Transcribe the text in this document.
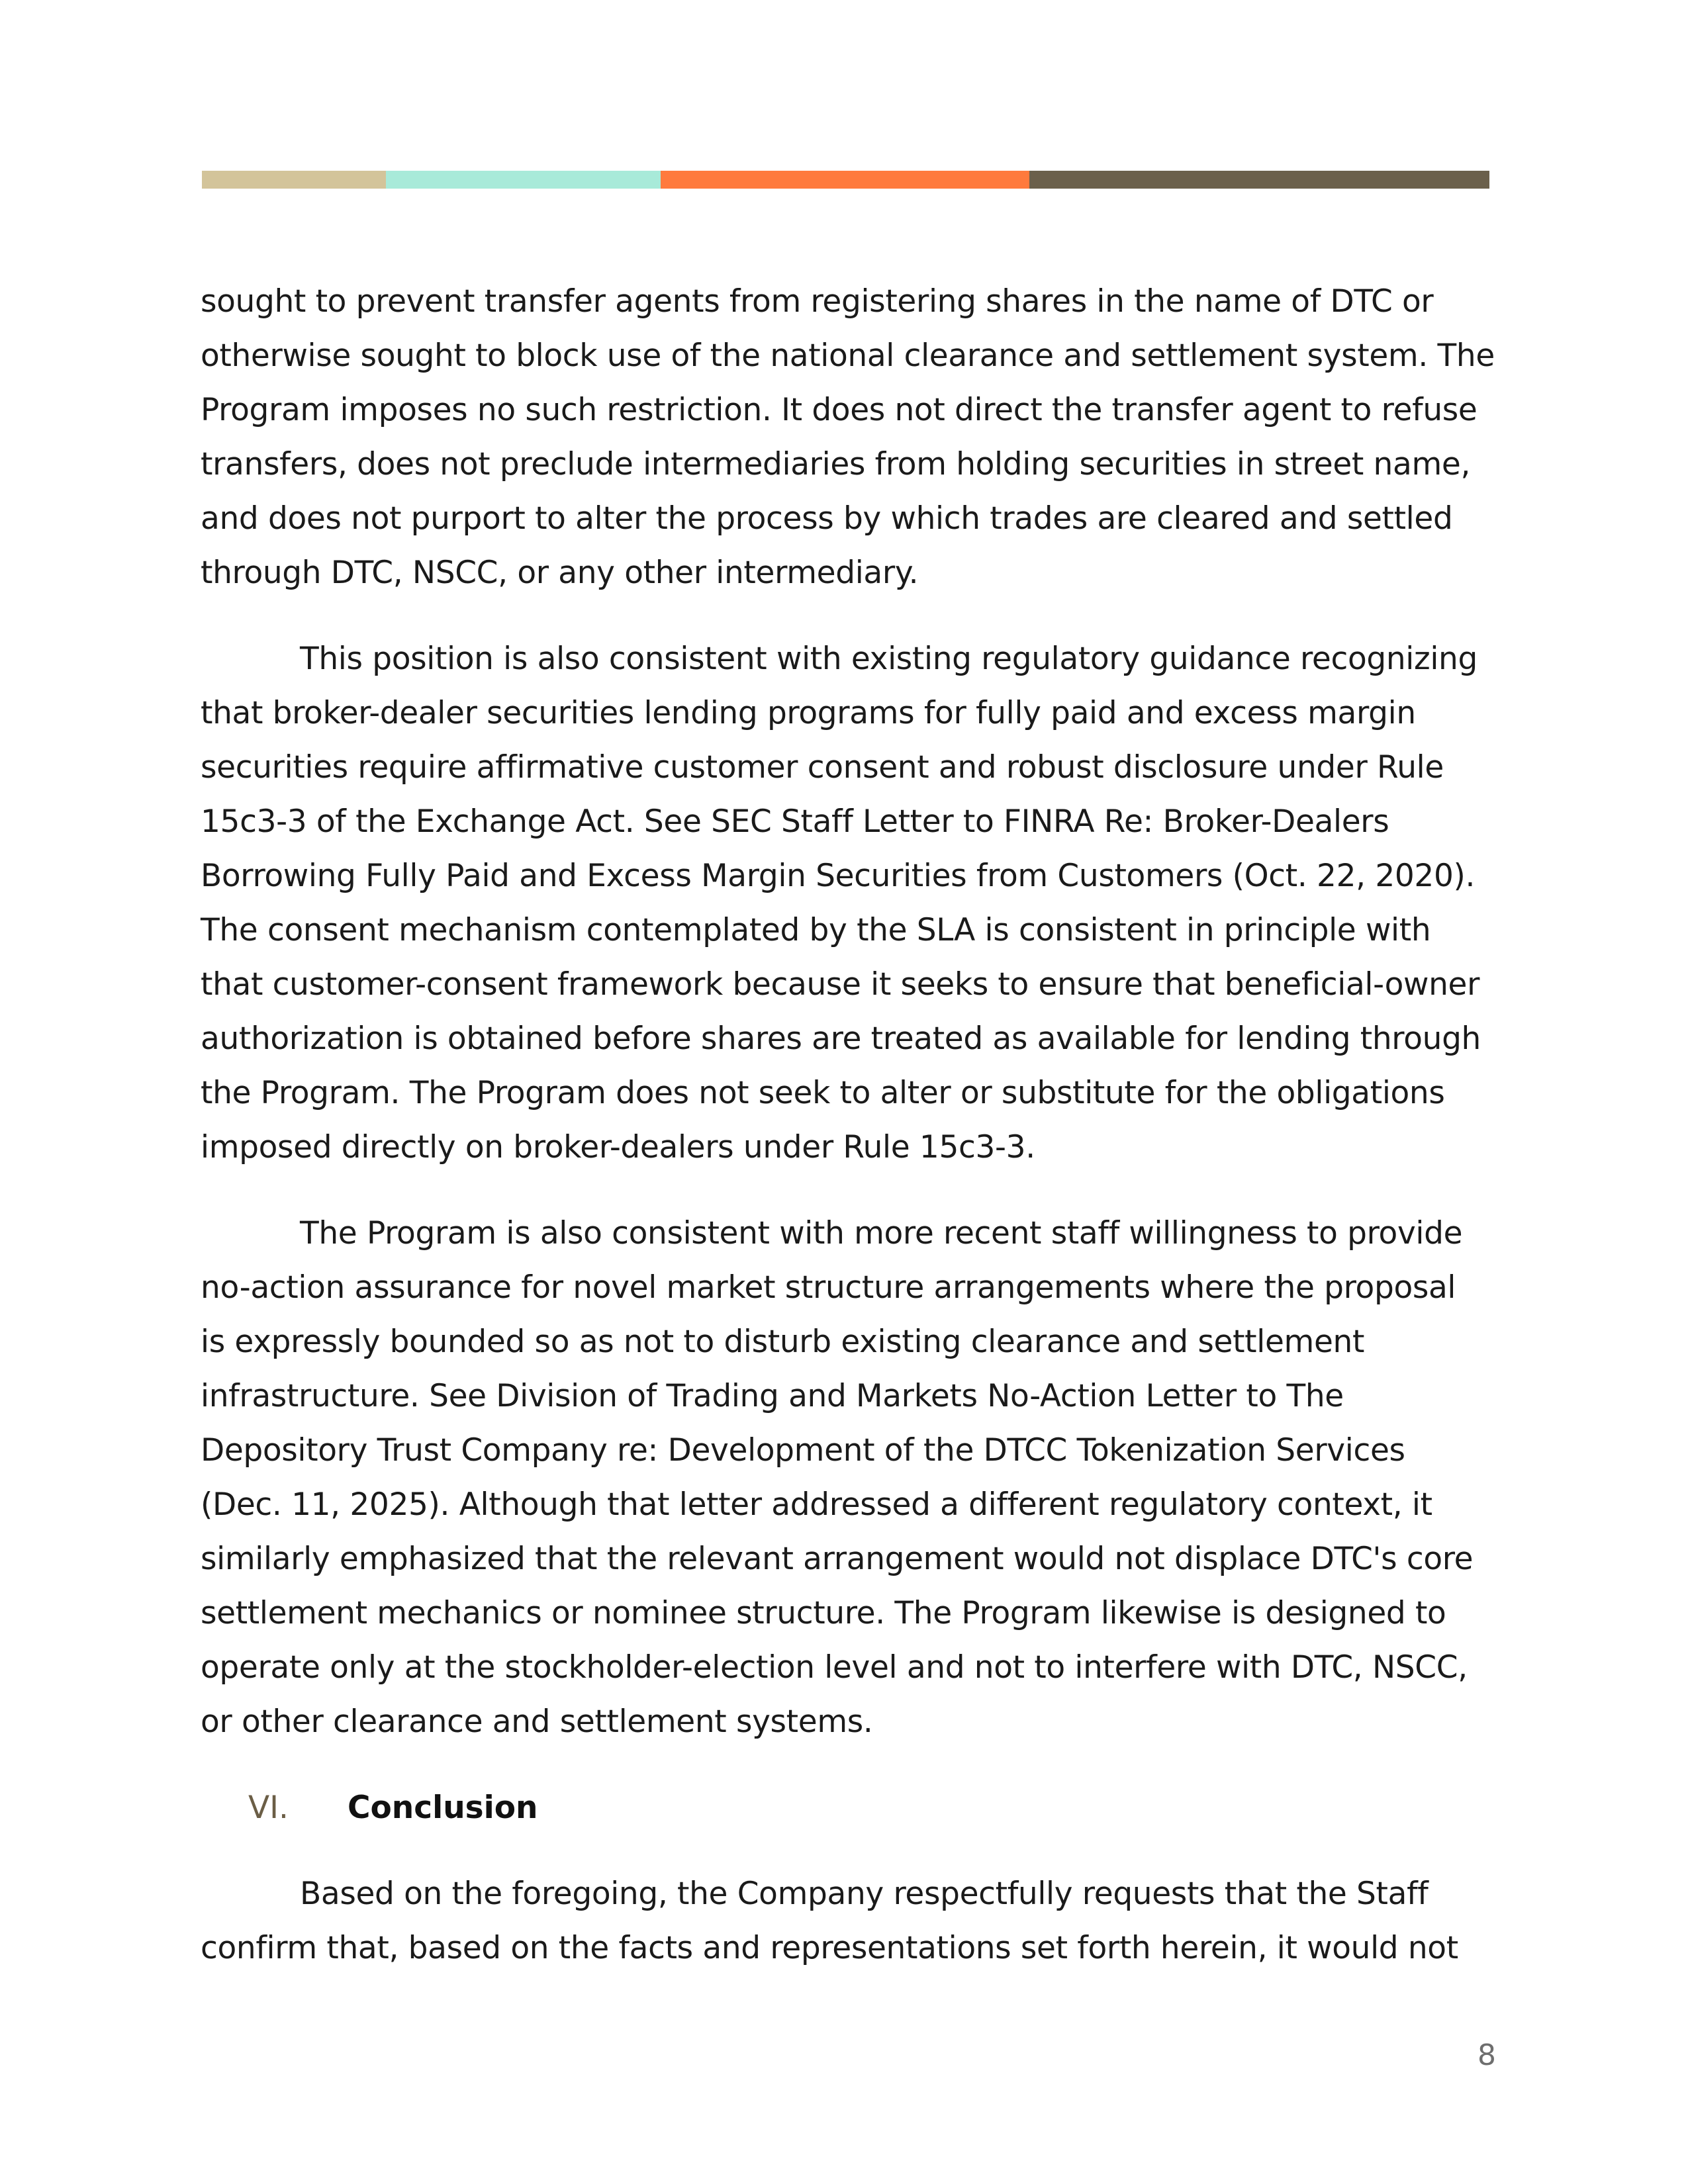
sought to prevent transfer agents from registering shares in the name of DTC or
otherwise sought to block use of the national clearance and settlement system. The
Program imposes no such restriction. It does not direct the transfer agent to refuse
transfers, does not preclude intermediaries from holding securities in street name,
and does not purport to alter the process by which trades are cleared and settled
through DTC, NSCC, or any other intermediary.

This position is also consistent with existing regulatory guidance recognizing
that broker-dealer securities lending programs for fully paid and excess margin
securities require affirmative customer consent and robust disclosure under Rule
15c3-3 of the Exchange Act. See SEC Staff Letter to FINRA Re: Broker-Dealers
Borrowing Fully Paid and Excess Margin Securities from Customers (Oct. 22, 2020).
The consent mechanism contemplated by the SLA is consistent in principle with
that customer-consent framework because it seeks to ensure that beneficial-owner
authorization is obtained before shares are treated as available for lending through
the Program. The Program does not seek to alter or substitute for the obligations
imposed directly on broker-dealers under Rule 15c3-3.

The Program is also consistent with more recent staff willingness to provide
no-action assurance for novel market structure arrangements where the proposal
is expressly bounded so as not to disturb existing clearance and settlement
infrastructure. See Division of Trading and Markets No-Action Letter to The
Depository Trust Company re: Development of the DTCC Tokenization Services
(Dec. 11, 2025). Although that letter addressed a different regulatory context, it
similarly emphasized that the relevant arrangement would not displace DTC's core
settlement mechanics or nominee structure. The Program likewise is designed to
operate only at the stockholder-election level and not to interfere with DTC, NSCC,
or other clearance and settlement systems.

VI.	Conclusion

Based on the foregoing, the Company respectfully requests that the Staff
confirm that, based on the facts and representations set forth herein, it would not

8
